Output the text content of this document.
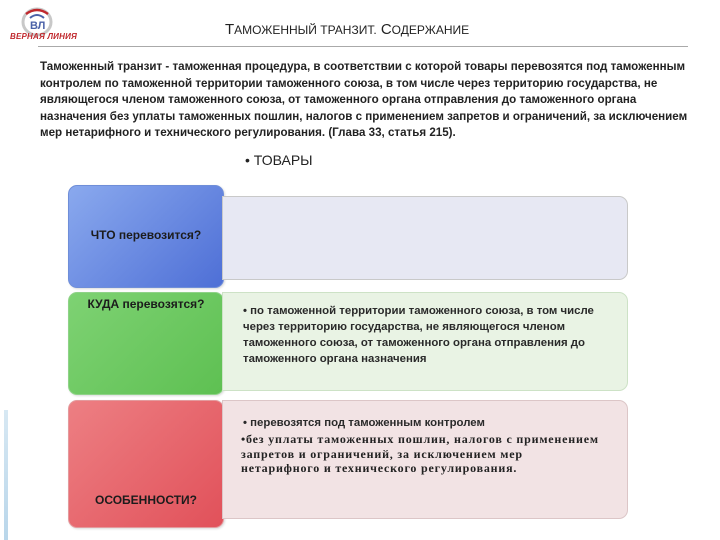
ВЛ
ВЕРНАЯ ЛИНИЯ	ТАМОЖЕННЫЙ ТРАНЗИТ. СОДЕРЖАНИЕ
Таможенный транзит - таможенная процедура, в соответствии с которой товары перевозятся под таможенным контролем по таможенной территории таможенного союза, в том числе через территорию государства, не являющегося членом таможенного союза, от таможенного органа отправления до таможенного органа назначения без уплаты таможенных пошлин, налогов с применением запретов и ограничений, за исключением мер нетарифного и технического регулирования. (Глава 33, статья 215).
ЧТО перевозится?
• ТОВАРЫ
КУДА перевозятся?	• по таможенной территории таможенного союза, в том числе через территорию государства, не являющегося членом таможенного союза, от таможенного органа отправления до таможенного органа назначения
ОСОБЕННОСТИ?
• перевозятся под таможенным контролем
•без уплаты таможенных пошлин, налогов с применением запретов и ограничений, за исключением мер нетарифного и технического регулирования.
